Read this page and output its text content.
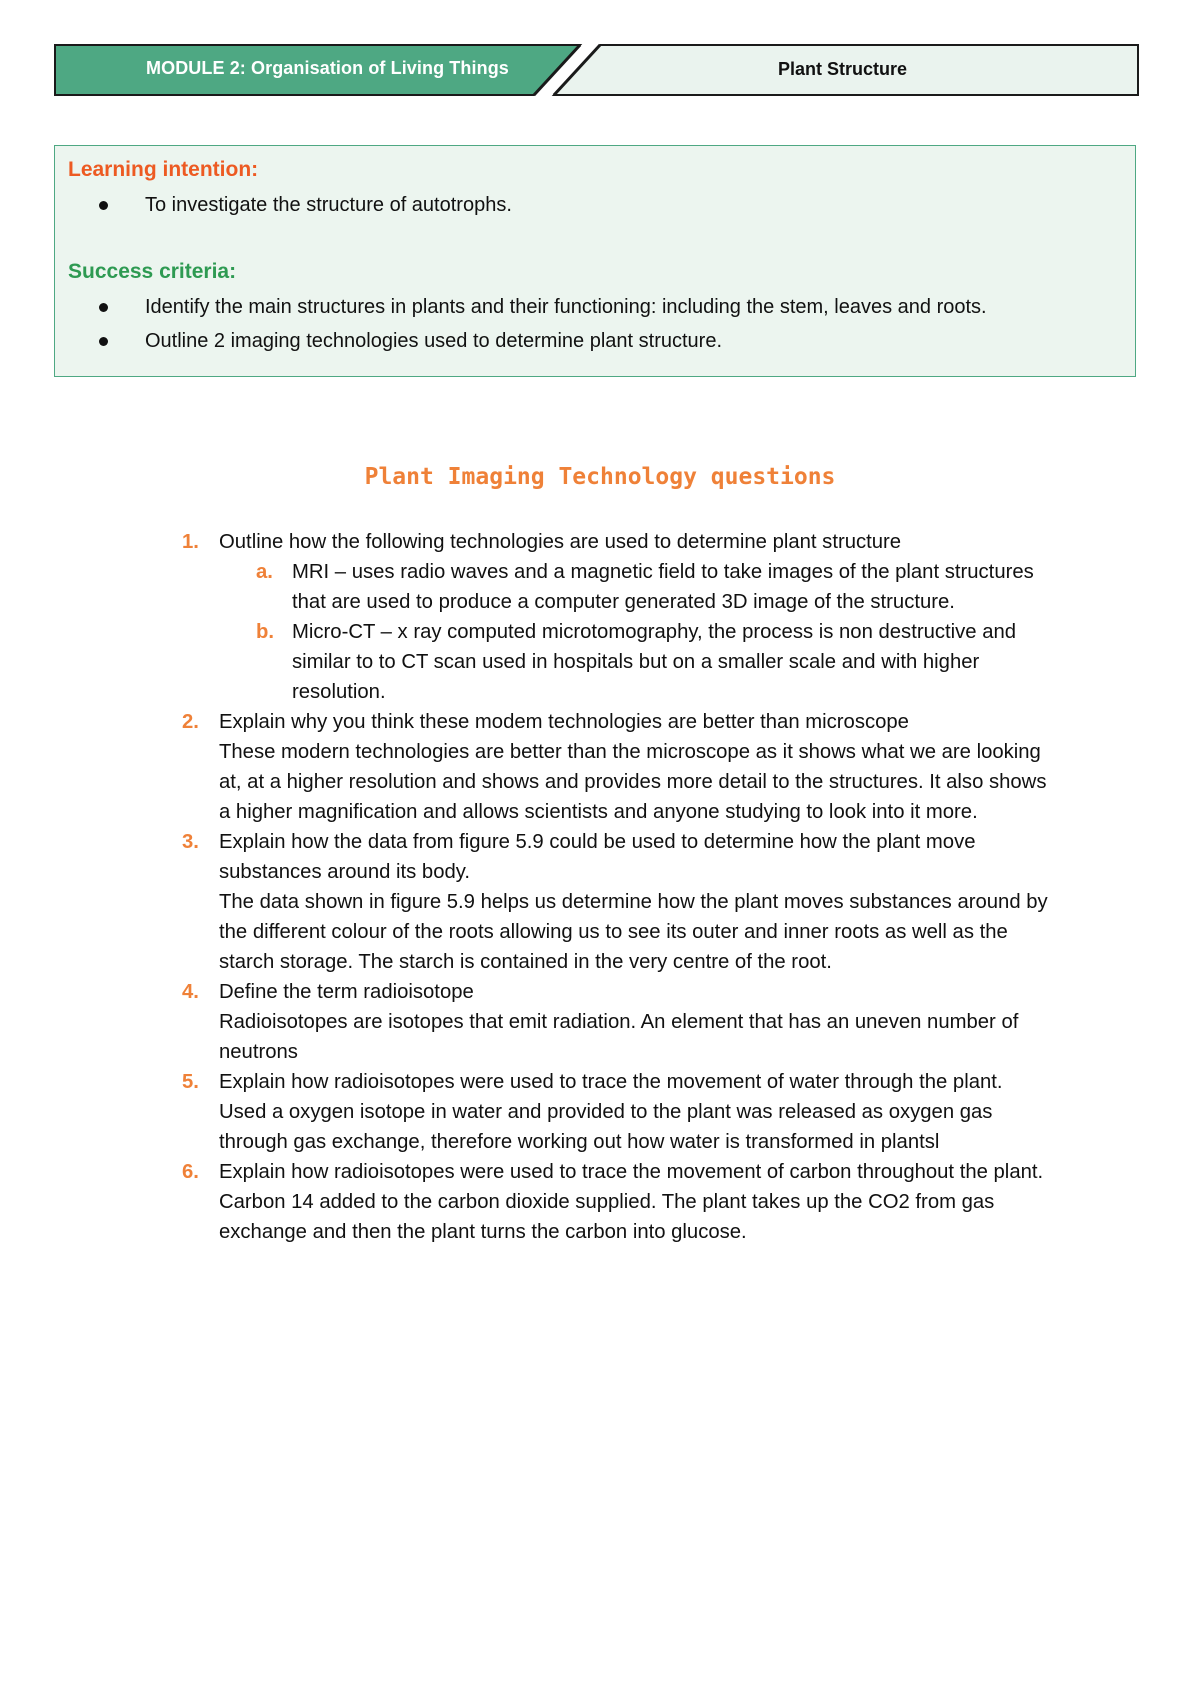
MODULE 2: Organisation of Living Things	Plant Structure
Learning intention:
To investigate the structure of autotrophs.
Success criteria:
Identify the main structures in plants and their functioning: including the stem, leaves and roots.
Outline 2 imaging technologies used to determine plant structure.
Plant Imaging Technology questions
1. Outline how the following technologies are used to determine plant structure
a. MRI – uses radio waves and a magnetic field to take images of the plant structures that are used to produce a computer generated 3D image of the structure.
b. Micro-CT – x ray computed microtomography, the process is non destructive and similar to to CT scan used in hospitals but on a smaller scale and with higher resolution.
2. Explain why you think these modem technologies are better than microscope
These modern technologies are better than the microscope as it shows what we are looking at, at a higher resolution and shows and provides more detail to the structures. It also shows a higher magnification and allows scientists and anyone studying to look into it more.
3. Explain how the data from figure 5.9 could be used to determine how the plant move substances around its body.
The data shown in figure 5.9 helps us determine how the plant moves substances around by the different colour of the roots allowing us to see its outer and inner roots as well as the starch storage. The starch is contained in the very centre of the root.
4. Define the term radioisotope
Radioisotopes are isotopes that emit radiation. An element that has an uneven number of neutrons
5. Explain how radioisotopes were used to trace the movement of water through the plant.
Used a oxygen isotope in water and provided to the plant was released as oxygen gas through gas exchange, therefore working out how water is transformed in plantsl
6. Explain how radioisotopes were used to trace the movement of carbon throughout the plant.
Carbon 14 added to the carbon dioxide supplied. The plant takes up the CO2 from gas exchange and then the plant turns the carbon into glucose.
